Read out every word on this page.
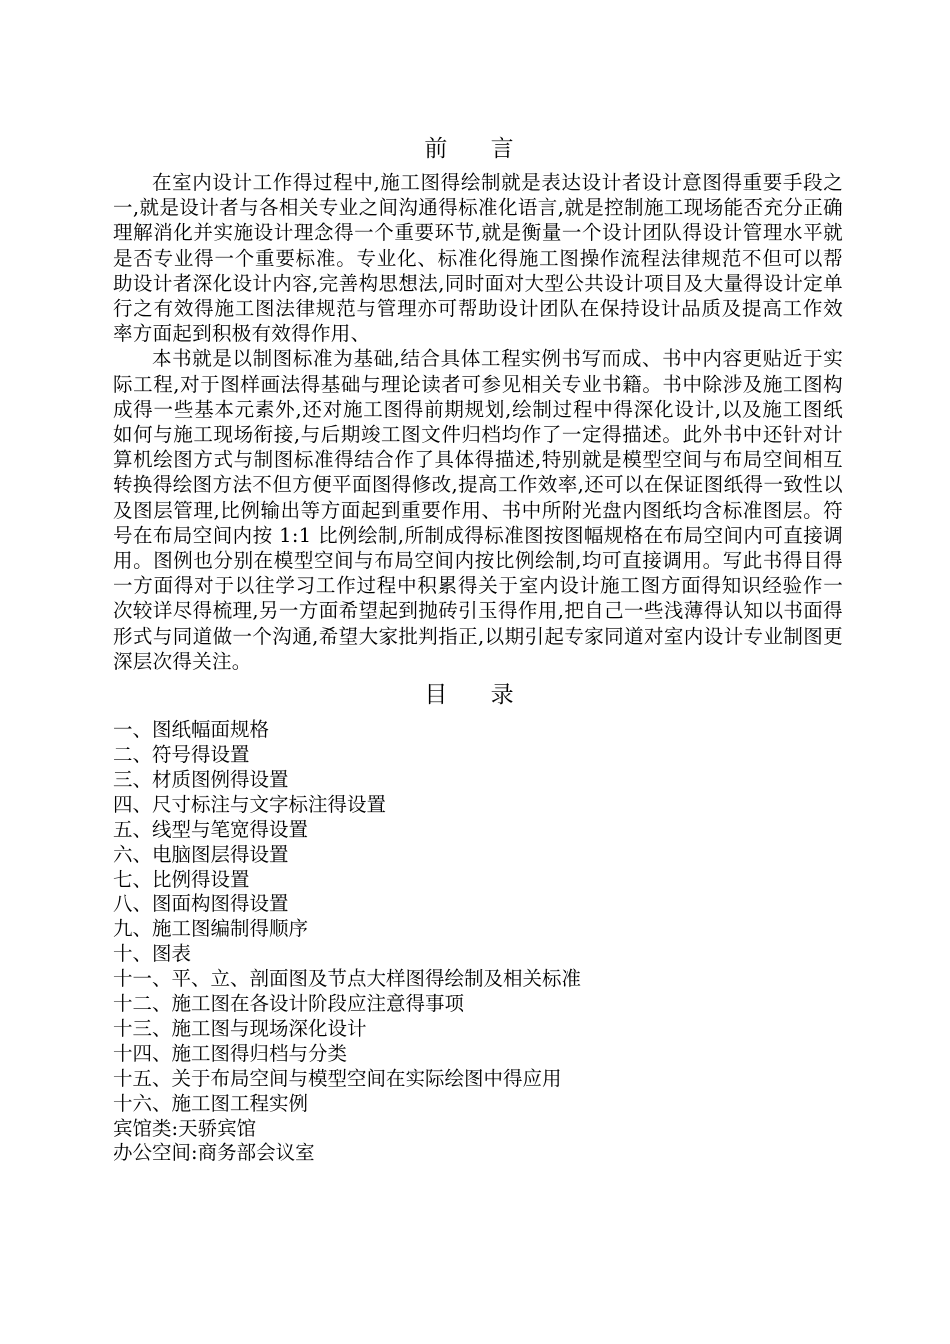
前 言

在室内设计工作得过程中,施工图得绘制就是表达设计者设计意图得重要手段之一,就是设计者与各相关专业之间沟通得标准化语言,就是控制施工现场能否充分正确理解消化并实施设计理念得一个重要环节,就是衡量一个设计团队得设计管理水平就是否专业得一个重要标准。专业化、标准化得施工图操作流程法律规范不但可以帮助设计者深化设计内容,完善构思想法,同时面对大型公共设计项目及大量得设计定单行之有效得施工图法律规范与管理亦可帮助设计团队在保持设计品质及提高工作效率方面起到积极有效得作用、

本书就是以制图标准为基础,结合具体工程实例书写而成、书中内容更贴近于实际工程,对于图样画法得基础与理论读者可参见相关专业书籍。书中除涉及施工图构成得一些基本元素外,还对施工图得前期规划,绘制过程中得深化设计,以及施工图纸如何与施工现场衔接,与后期竣工图文件归档均作了一定得描述。此外书中还针对计算机绘图方式与制图标准得结合作了具体得描述,特别就是模型空间与布局空间相互转换得绘图方法不但方便平面图得修改,提高工作效率,还可以在保证图纸得一致性以及图层管理,比例输出等方面起到重要作用、书中所附光盘内图纸均含标准图层。符号在布局空间内按 1:1 比例绘制,所制成得标准图按图幅规格在布局空间内可直接调用。图例也分别在模型空间与布局空间内按比例绘制,均可直接调用。写此书得目得一方面得对于以往学习工作过程中积累得关于室内设计施工图方面得知识经验作一次较详尽得梳理,另一方面希望起到抛砖引玉得作用,把自己一些浅薄得认知以书面得形式与同道做一个沟通,希望大家批判指正,以期引起专家同道对室内设计专业制图更深层次得关注。

目 录
一、图纸幅面规格
二、符号得设置
三、材质图例得设置
四、尺寸标注与文字标注得设置
五、线型与笔宽得设置
六、电脑图层得设置
七、比例得设置
八、图面构图得设置
九、施工图编制得顺序
十、图表
十一、平、立、剖面图及节点大样图得绘制及相关标准
十二、施工图在各设计阶段应注意得事项
十三、施工图与现场深化设计
十四、施工图得归档与分类
十五、关于布局空间与模型空间在实际绘图中得应用
十六、施工图工程实例
宾馆类:天骄宾馆
办公空间:商务部会议室
